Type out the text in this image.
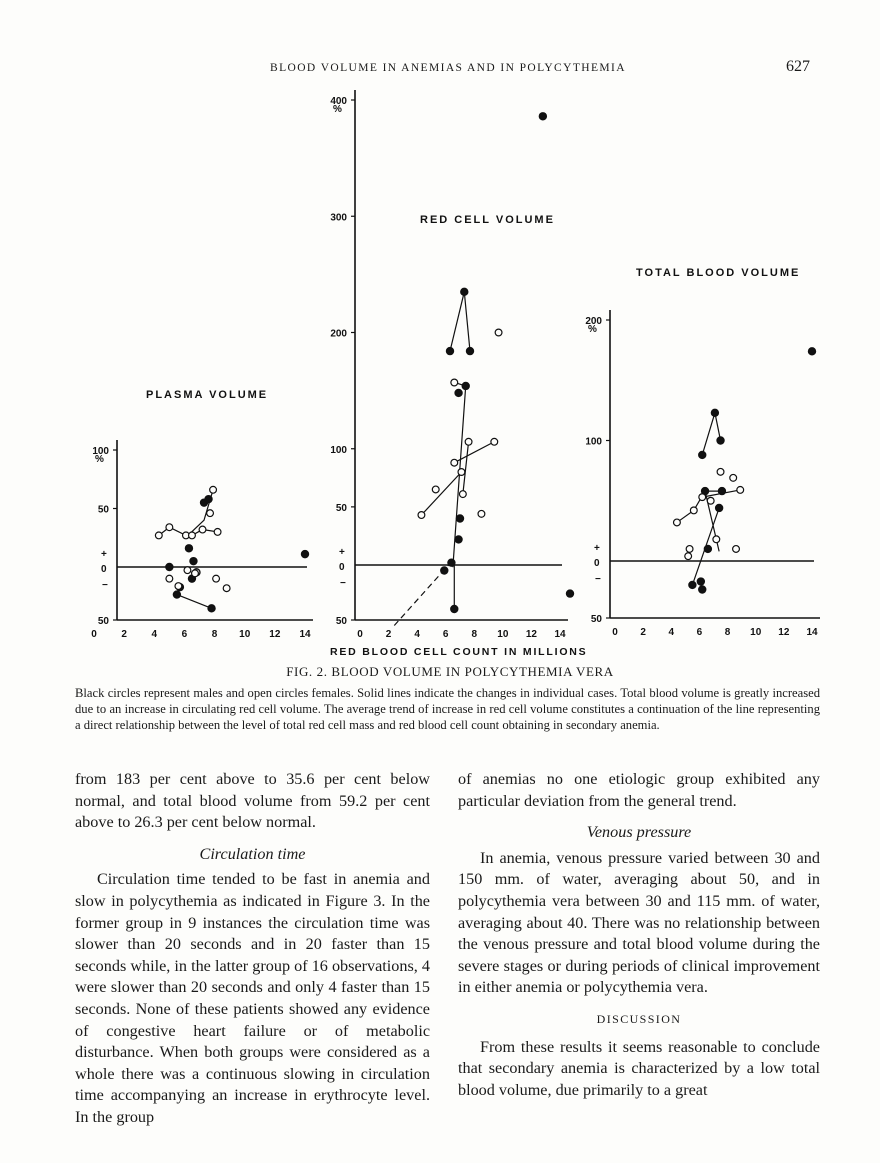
BLOOD VOLUME IN ANEMIAS AND IN POLYCYTHEMIA	627
PLASMA VOLUME
100
%
50
50
+
0
−
0 2 4 6 8 10 12 14
RED CELL VOLUME
400
%
300
200
100
50
50
+
0
−
0 2 4 6 8 10 12 14
TOTAL BLOOD VOLUME
200
%
100
50
+
0
−
0 2 4 6 8 10 12 14
RED BLOOD CELL COUNT IN MILLIONS
FIG. 2. BLOOD VOLUME IN POLYCYTHEMIA VERA

Black circles represent males and open circles females. Solid lines indicate the changes in individual cases. Total blood volume is greatly increased due to an increase in circulating red cell volume. The average trend of increase in red cell volume constitutes a continuation of the line representing a direct relationship between the level of total red cell mass and red blood cell count obtaining in secondary anemia.

from 183 per cent above to 35.6 per cent below normal, and total blood volume from 59.2 per cent above to 26.3 per cent below normal.

Circulation time

Circulation time tended to be fast in anemia and slow in polycythemia as indicated in Figure 3. In the former group in 9 instances the circulation time was slower than 20 seconds and in 20 faster than 15 seconds while, in the latter group of 16 observations, 4 were slower than 20 seconds and only 4 faster than 15 seconds. None of these patients showed any evidence of congestive heart failure or of metabolic disturbance. When both groups were considered as a whole there was a continuous slowing in circulation time accompanying an increase in erythrocyte level. In the group

of anemias no one etiologic group exhibited any particular deviation from the general trend.

Venous pressure

In anemia, venous pressure varied between 30 and 150 mm. of water, averaging about 50, and in polycythemia vera between 30 and 115 mm. of water, averaging about 40. There was no relationship between the venous pressure and total blood volume during the severe stages or during periods of clinical improvement in either anemia or polycythemia vera.

DISCUSSION

From these results it seems reasonable to conclude that secondary anemia is characterized by a low total blood volume, due primarily to a great
